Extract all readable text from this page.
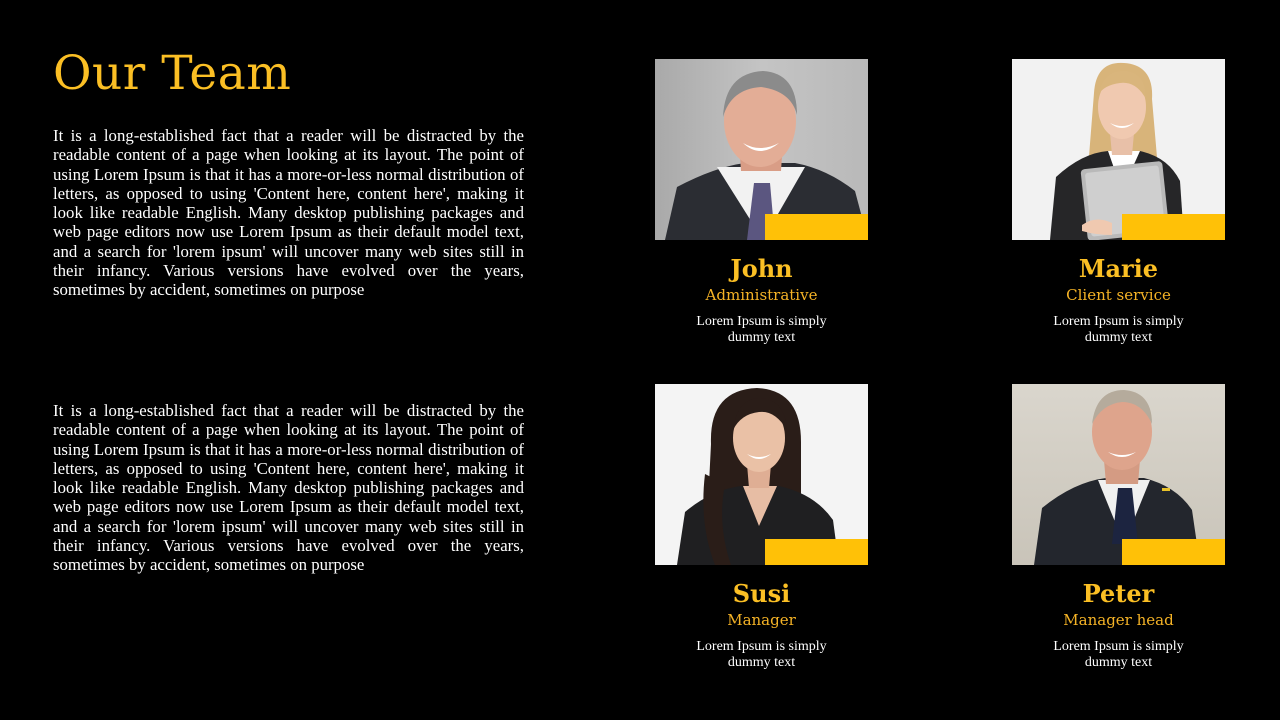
Our Team

It is a long-established fact that a reader will be distracted by the readable content of a page when looking at its layout. The point of using Lorem Ipsum is that it has a more-or-less normal distribution of letters, as opposed to using 'Content here, content here', making it look like readable English. Many desktop publishing packages and web page editors now use Lorem Ipsum as their default model text, and a search for 'lorem ipsum' will uncover many web sites still in their infancy. Various versions have evolved over the years, sometimes by accident, sometimes on purpose

It is a long-established fact that a reader will be distracted by the readable content of a page when looking at its layout. The point of using Lorem Ipsum is that it has a more-or-less normal distribution of letters, as opposed to using 'Content here, content here', making it look like readable English. Many desktop publishing packages and web page editors now use Lorem Ipsum as their default model text, and a search for 'lorem ipsum' will uncover many web sites still in their infancy. Various versions have evolved over the years, sometimes by accident, sometimes on purpose

John
Administrative
Lorem Ipsum is simply dummy text
Marie
Client service
Lorem Ipsum is simply dummy text
Susi
Manager
Lorem Ipsum is simply dummy text
Peter
Manager head
Lorem Ipsum is simply dummy text
